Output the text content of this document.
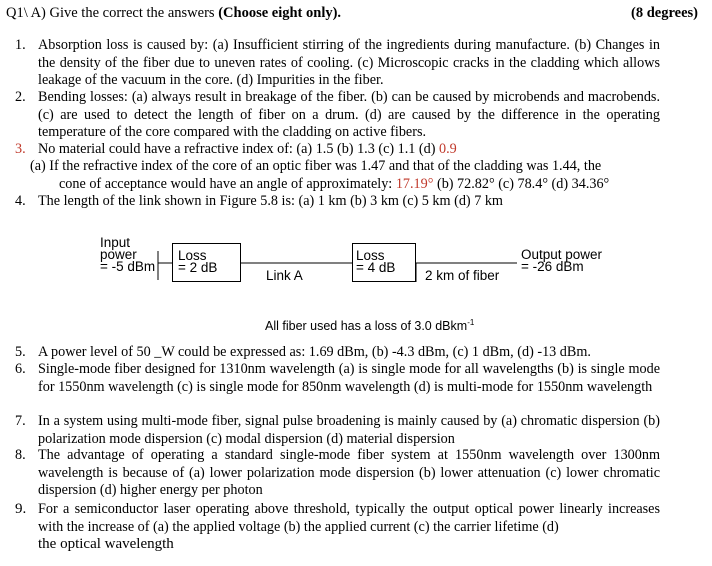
Q1\ A) Give the correct the answers (Choose eight only).	(8 degrees)
1. Absorption loss is caused by: (a) Insufficient stirring of the ingredients during manufacture. (b) Changes in the density of the fiber due to uneven rates of cooling. (c) Microscopic cracks in the cladding which allows leakage of the vacuum in the core. (d) Impurities in the fiber.
2. Bending losses: (a) always result in breakage of the fiber. (b) can be caused by microbends and macrobends. (c) are used to detect the length of fiber on a drum. (d) are caused by the difference in the operating temperature of the core compared with the cladding on active fibers.
3. No material could have a refractive index of: (a) 1.5 (b) 1.3 (c) 1.1 (d) 0.9
(a) If the refractive index of the core of an optic fiber was 1.47 and that of the cladding was 1.44, the
cone of acceptance would have an angle of approximately: 17.19° (b) 72.82° (c) 78.4° (d) 34.36°
4. The length of the link shown in Figure 5.8 is: (a) 1 km (b) 3 km (c) 5 km (d) 7 km
Input
power
= -5 dBm
Loss
= 2 dB
Link A
Loss
= 4 dB
2 km of fiber
Output power
= -26 dBm
All fiber used has a loss of 3.0 dBkm$^{-1}$
5. A power level of 50 _W could be expressed as: 1.69 dBm, (b) -4.3 dBm, (c) 1 dBm, (d) -13 dBm.
6. Single-mode fiber designed for 1310nm wavelength (a) is single mode for all wavelengths (b) is single mode for 1550nm wavelength (c) is single mode for 850nm wavelength (d) is multi-mode for 1550nm wavelength
7. In a system using multi-mode fiber, signal pulse broadening is mainly caused by (a) chromatic dispersion (b) polarization mode dispersion (c) modal dispersion (d) material dispersion
8. The advantage of operating a standard single-mode fiber system at 1550nm wavelength over 1300nm wavelength is because of (a) lower polarization mode dispersion (b) lower attenuation (c) lower chromatic dispersion (d) higher energy per photon
9. For a semiconductor laser operating above threshold, typically the output optical power linearly increases with the increase of (a) the applied voltage (b) the applied current (c) the carrier lifetime (d)
the optical wavelength
